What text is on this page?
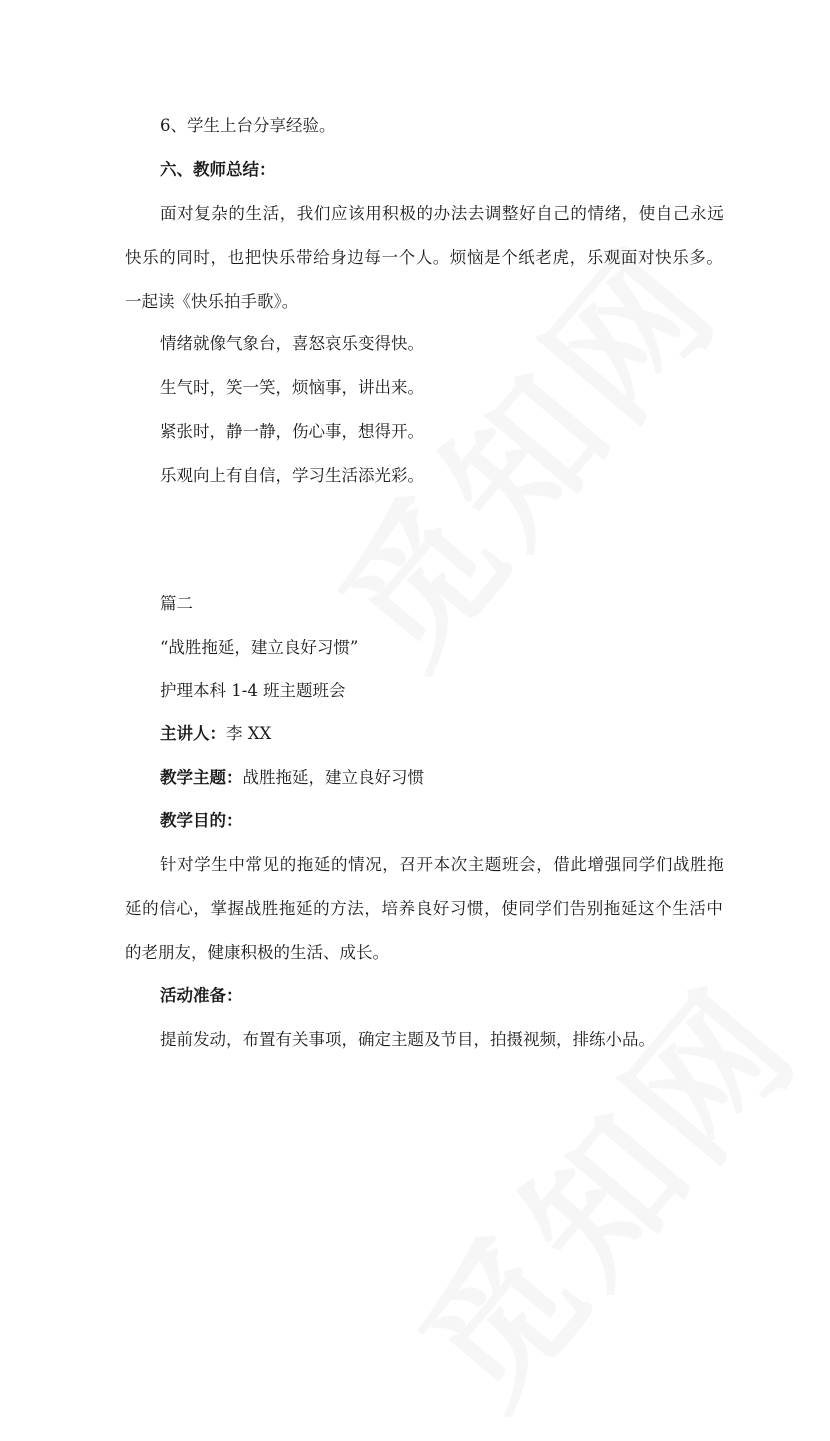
6、学生上台分享经验。

六、教师总结：

面对复杂的生活，我们应该用积极的办法去调整好自己的情绪，使自己永远

快乐的同时，也把快乐带给身边每一个人。烦恼是个纸老虎，乐观面对快乐多。

一起读《快乐拍手歌》。

情绪就像气象台，喜怒哀乐变得快。

生气时，笑一笑，烦恼事，讲出来。

紧张时，静一静，伤心事，想得开。

乐观向上有自信，学习生活添光彩。

篇二

“战胜拖延，建立良好习惯”

护理本科 1-4 班主题班会

主讲人：李 XX

教学主题：战胜拖延，建立良好习惯

教学目的：

针对学生中常见的拖延的情况，召开本次主题班会，借此增强同学们战胜拖

延的信心，掌握战胜拖延的方法，培养良好习惯，使同学们告别拖延这个生活中

的老朋友，健康积极的生活、成长。

活动准备：

提前发动，布置有关事项，确定主题及节目，拍摄视频，排练小品。
